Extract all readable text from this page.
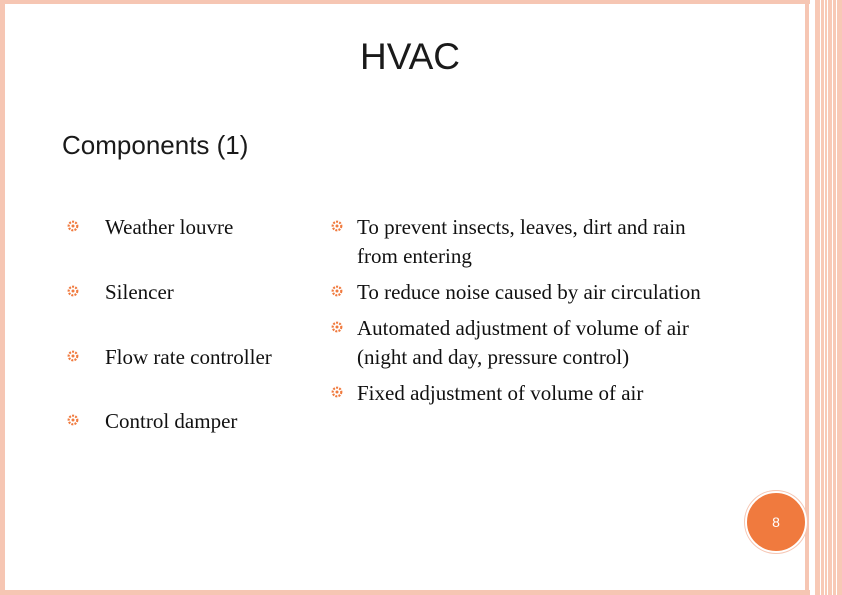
HVAC
Components (1)
Weather louvre
Silencer
Flow rate controller
Control damper
To prevent insects, leaves, dirt and rain
from entering
To reduce noise caused by air circulation
Automated adjustment of volume of air
(night and day, pressure control)
Fixed adjustment of volume of air
8
